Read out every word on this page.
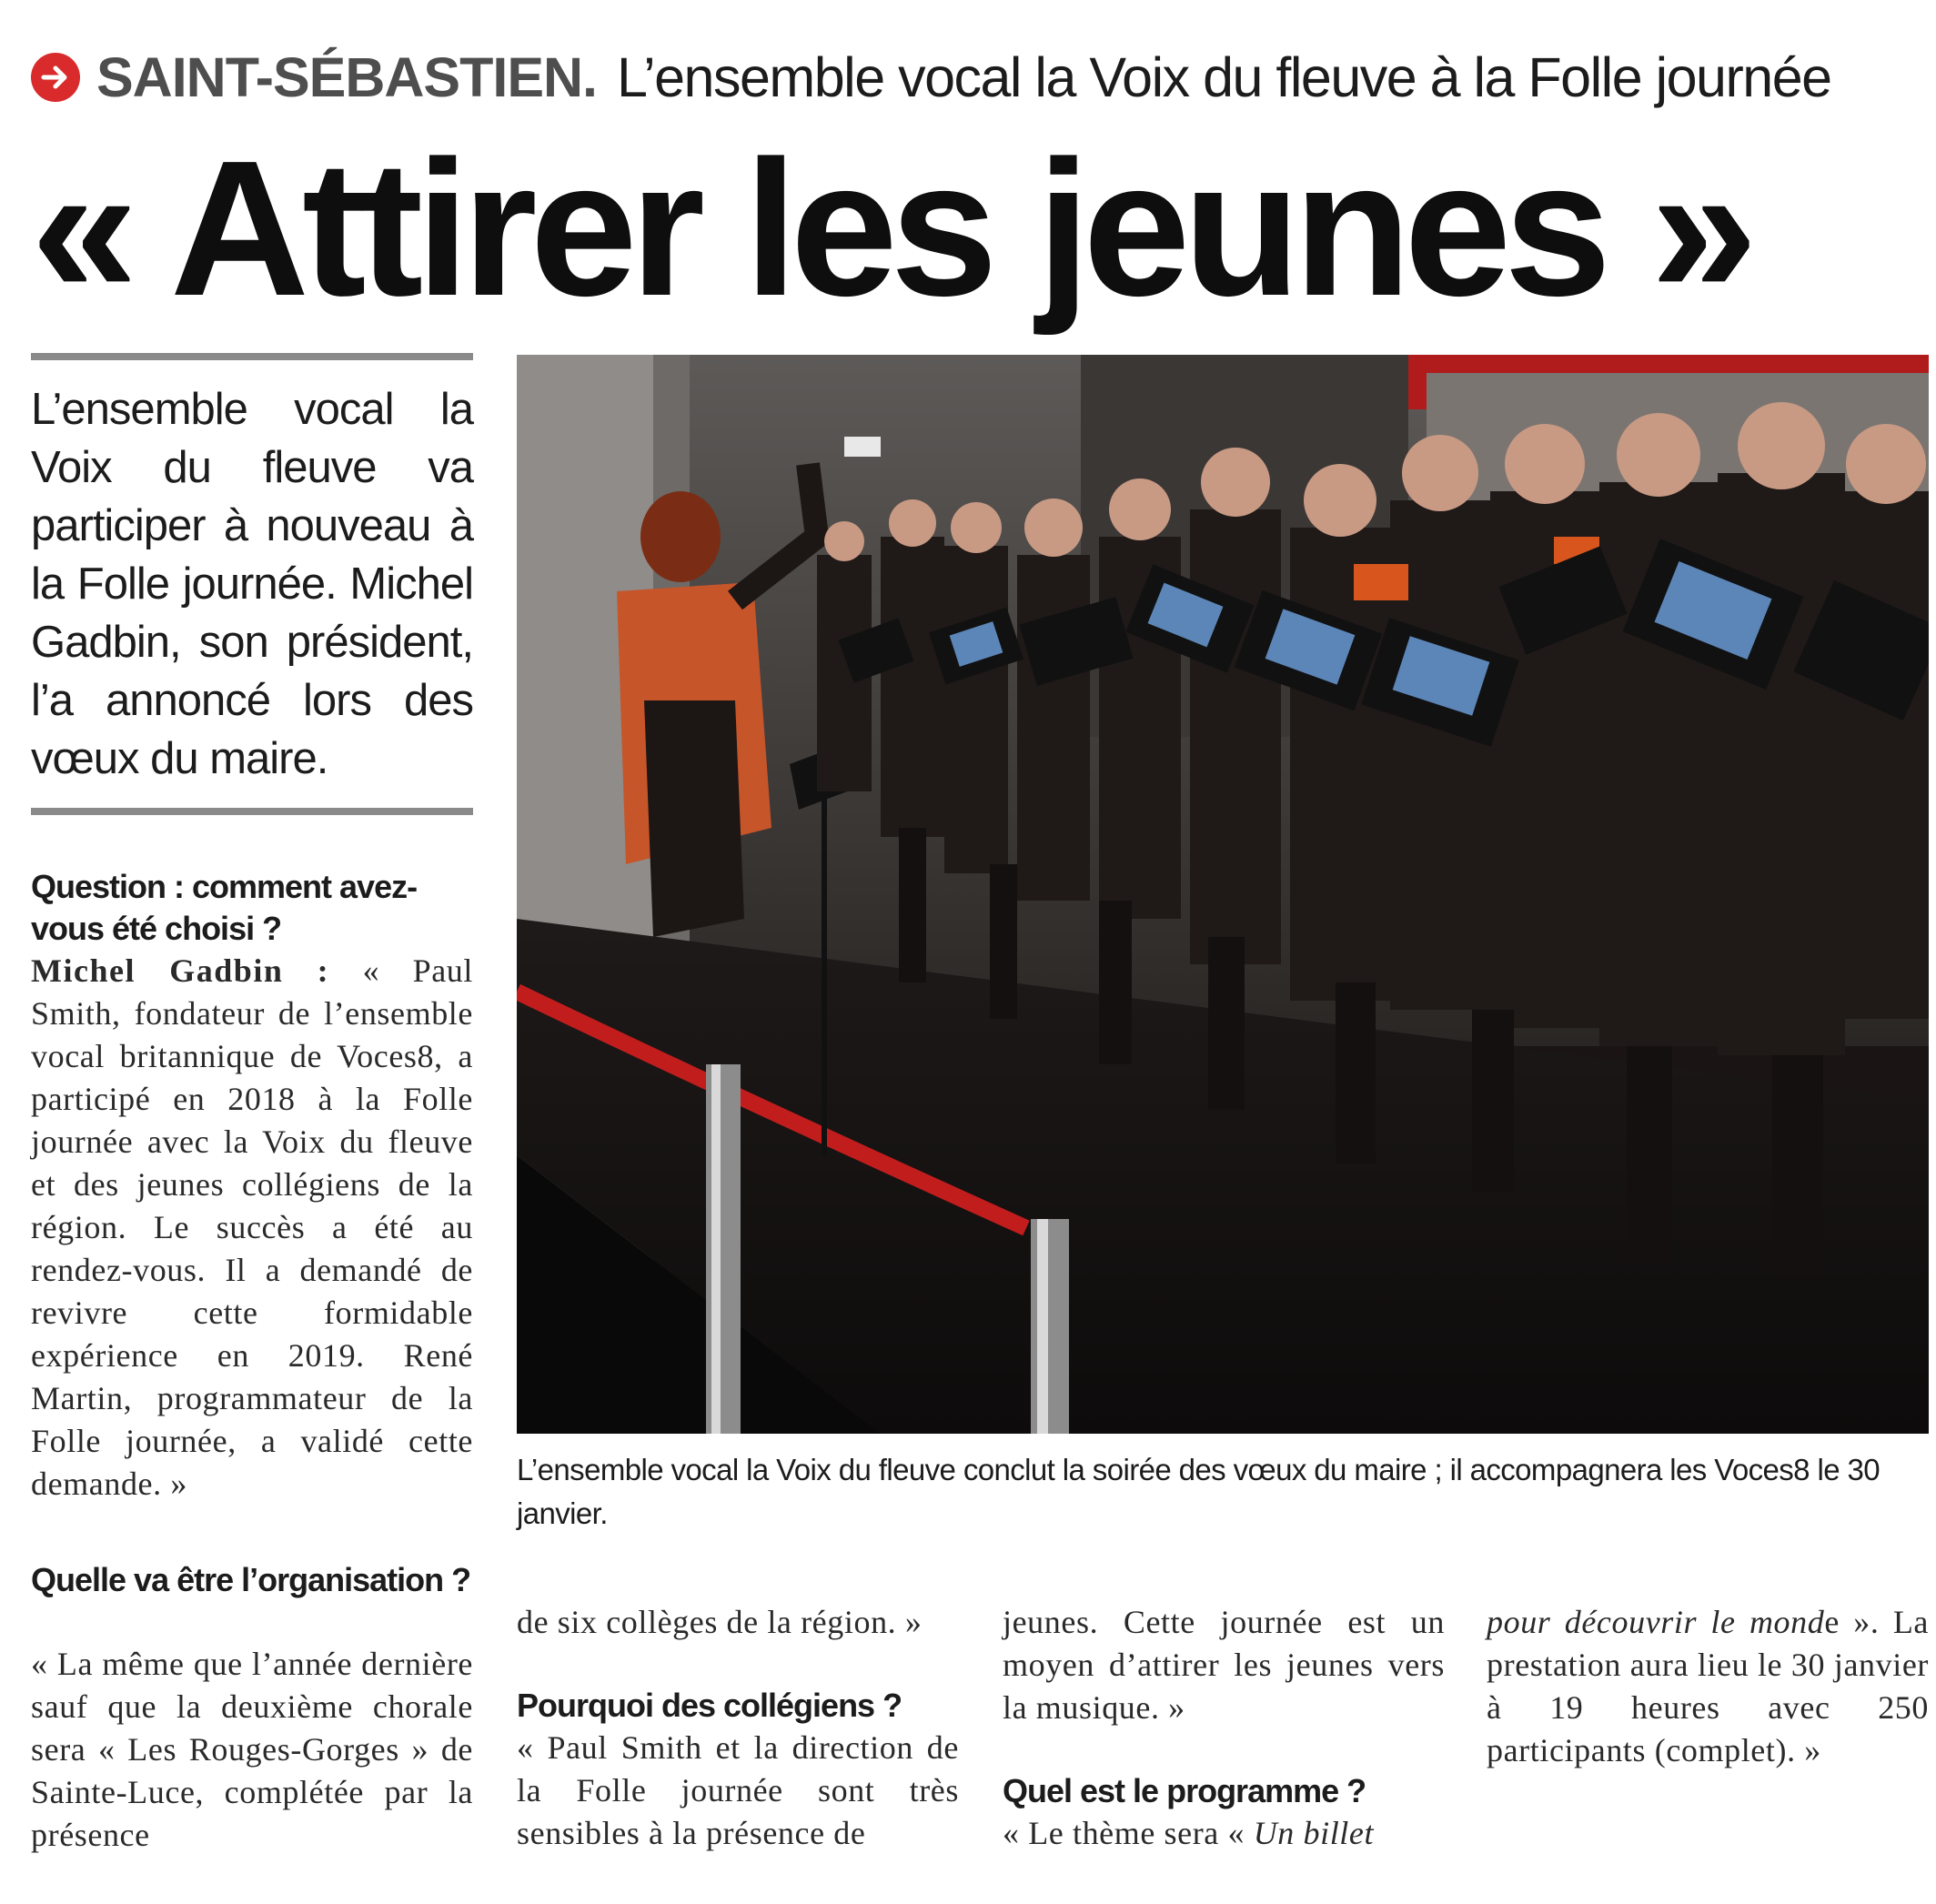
SAINT-SÉBASTIEN. L’ensemble vocal la Voix du fleuve à la Folle journée
« Attirer les jeunes »
L’ensemble vocal la Voix du fleuve va participer à nouveau à la Folle journée. Michel Gadbin, son président, l’a annoncé lors des vœux du maire.
L’ensemble vocal la Voix du fleuve conclut la soirée des vœux du maire ; il accompagnera les Voces8 le 30 janvier.
Question : comment avez-vous été choisi ?
Michel Gadbin : « Paul Smith, fondateur de l’ensemble vocal britannique de Voces8, a participé en 2018 à la Folle journée avec la Voix du fleuve et des jeunes collégiens de la région. Le succès a été au rendez-vous. Il a demandé de revivre cette formidable expérience en 2019. René Martin, programmateur de la Folle journée, a validé cette demande. »
Quelle va être l’organisation ?
« La même que l’année dernière sauf que la deuxième chorale sera « Les Rouges-Gorges » de Sainte-Luce, complétée par la présence
de six collèges de la région. »
Pourquoi des collégiens ?
« Paul Smith et la direction de la Folle journée sont très sensibles à la présence de
jeunes. Cette journée est un moyen d’attirer les jeunes vers la musique. »
Quel est le programme ?
« Le thème sera « Un billet
pour découvrir le monde ». La prestation aura lieu le 30 janvier à 19 heures avec 250 participants (complet). »
